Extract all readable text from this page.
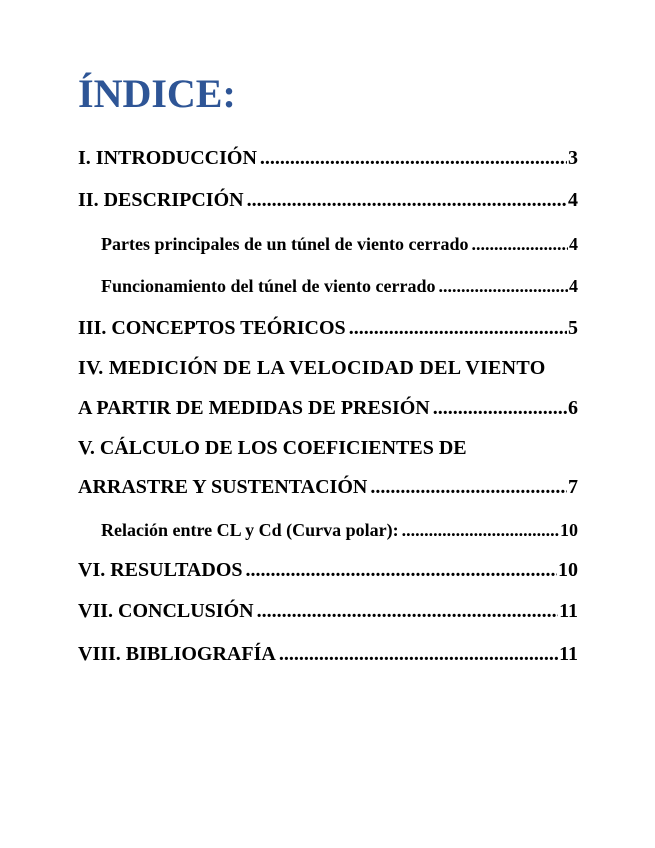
ÍNDICE:
I. INTRODUCCIÓN .....	3
II. DESCRIPCIÓN .....	4
Partes principales de un túnel de viento cerrado .....	4
Funcionamiento del túnel de viento cerrado .....	4
III. CONCEPTOS TEÓRICOS .....	5
IV. MEDICIÓN DE LA VELOCIDAD DEL VIENTO
A PARTIR DE MEDIDAS DE PRESIÓN .....	6
V. CÁLCULO DE LOS COEFICIENTES DE
ARRASTRE Y SUSTENTACIÓN .....	7
Relación entre CL y Cd (Curva polar): .....	10
VI. RESULTADOS .....	10
VII. CONCLUSIÓN .....	11
VIII. BIBLIOGRAFÍA .....	11
